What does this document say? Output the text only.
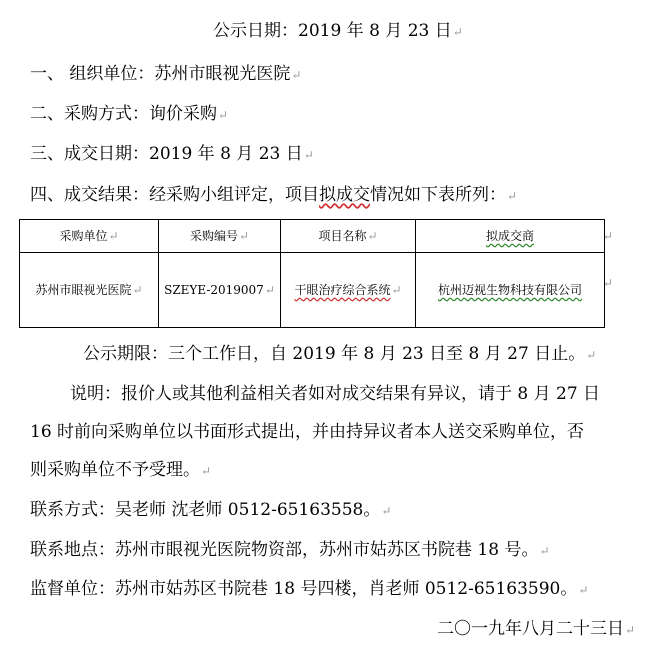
公示日期：2019 年 8 月 23 日↵
一、 组织单位：苏州市眼视光医院↵
二、采购方式：询价采购↵
三、成交日期：2019 年 8 月 23 日↵
四、成交结果：经采购小组评定，项目拟成交情况如下表所列：↵
采购单位↵	采购编号↵	项目名称↵	拟成交商
苏州市眼视光医院↵	SZEYE-2019007↵	干眼治疗综合系统↵	杭州迈视生物科技有限公司
↵
↵
公示期限：三个工作日，自 2019 年 8 月 23 日至 8 月 27 日止。↵
说明：报价人或其他利益相关者如对成交结果有异议，请于 8 月 27 日
16 时前向采购单位以书面形式提出，并由持异议者本人送交采购单位，否
则采购单位不予受理。↵
联系方式：吴老师 沈老师 0512-65163558。↵
联系地点：苏州市眼视光医院物资部，苏州市姑苏区书院巷 18 号。↵
监督单位：苏州市姑苏区书院巷 18 号四楼，肖老师 0512-65163590。↵
二〇一九年八月二十三日↵
